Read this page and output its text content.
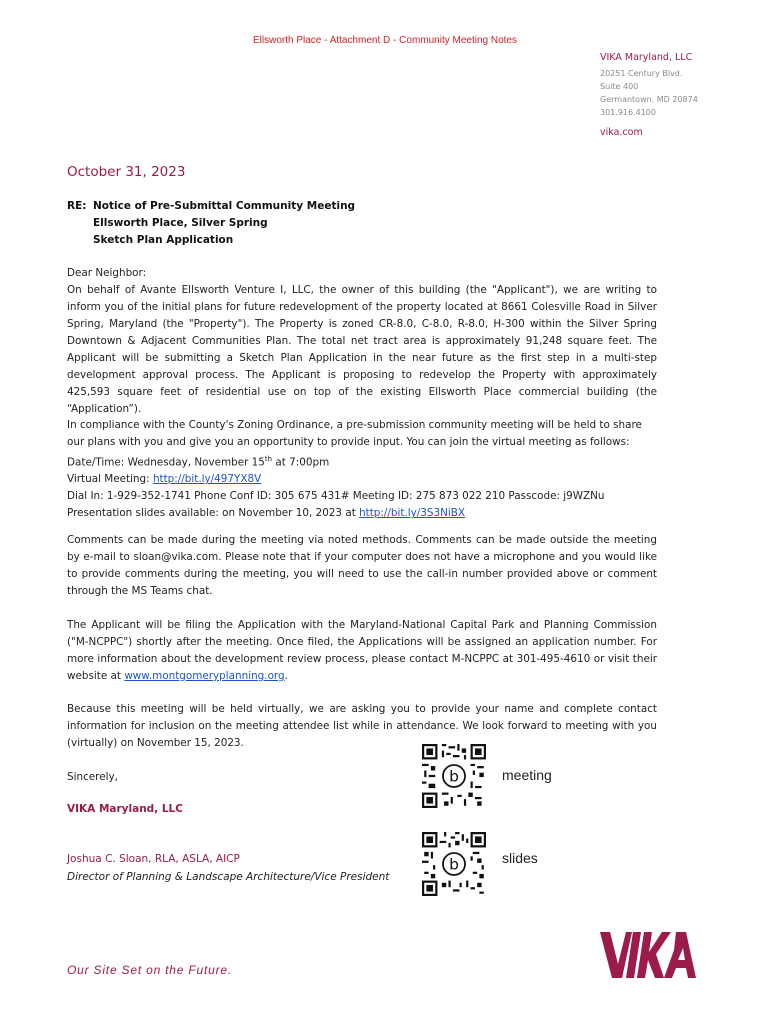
Ellsworth Place - Attachment D - Community Meeting Notes
VIKA Maryland, LLC
20251 Century Blvd.
Suite 400
Germantown, MD 20874
301.916.4100
vika.com
October 31, 2023
RE: Notice of Pre-Submittal Community Meeting
Ellsworth Place, Silver Spring
Sketch Plan Application
Dear Neighbor:
On behalf of Avante Ellsworth Venture I, LLC, the owner of this building (the "Applicant"), we are writing to inform you of the initial plans for future redevelopment of the property located at 8661 Colesville Road in Silver Spring, Maryland (the "Property"). The Property is zoned CR-8.0, C-8.0, R-8.0, H-300 within the Silver Spring Downtown & Adjacent Communities Plan. The total net tract area is approximately 91,248 square feet. The Applicant will be submitting a Sketch Plan Application in the near future as the first step in a multi-step development approval process. The Applicant is proposing to redevelop the Property with approximately 425,593 square feet of residential use on top of the existing Ellsworth Place commercial building (the “Application”).
In compliance with the County's Zoning Ordinance, a pre-submission community meeting will be held to share our plans with you and give you an opportunity to provide input. You can join the virtual meeting as follows:
Date/Time: Wednesday, November 15th at 7:00pm
Virtual Meeting: http://bit.ly/497YX8V
Dial In: 1-929-352-1741 Phone Conf ID: 305 675 431# Meeting ID: 275 873 022 210 Passcode: j9WZNu
Presentation slides available: on November 10, 2023 at http://bit.ly/3S3NiBX
Comments can be made during the meeting via noted methods. Comments can be made outside the meeting by e-mail to sloan@vika.com. Please note that if your computer does not have a microphone and you would like to provide comments during the meeting, you will need to use the call-in number provided above or comment through the MS Teams chat.
The Applicant will be filing the Application with the Maryland-National Capital Park and Planning Commission ("M-NCPPC") shortly after the meeting. Once filed, the Applications will be assigned an application number. For more information about the development review process, please contact M-NCPPC at 301-495-4610 or visit their website at www.montgomeryplanning.org.
Because this meeting will be held virtually, we are asking you to provide your name and complete contact information for inclusion on the meeting attendee list while in attendance. We look forward to meeting with you (virtually) on November 15, 2023.
Sincerely,
VIKA Maryland, LLC
Joshua C. Sloan, RLA, ASLA, AICP
Director of Planning & Landscape Architecture/Vice President
b	meeting
b	slides
Our Site Set on the Future.
